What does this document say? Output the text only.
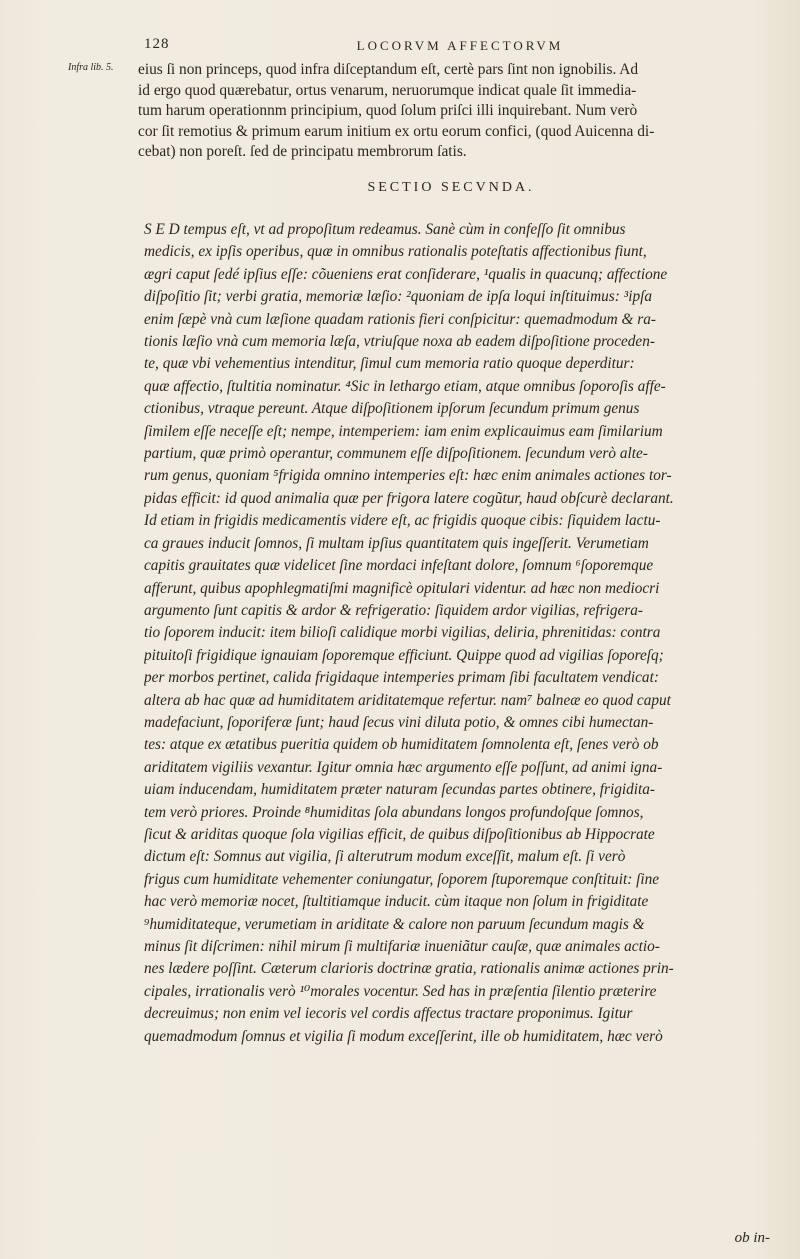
128	LOCORVM AFFECTORVM
Infra lib. 5. eius ſi non princeps, quod infra diſceptandum eſt, certè pars ſint non ignobilis. Ad
id ergo quod quærebatur, ortus venarum, neruorumque indicat quale ſit immedia-
tum harum operationnm principium, quod ſolum priſci illi inquirebant. Num verò
cor ſit remotius & primum earum initium ex ortu eorum confici, (quod Auicenna di-
cebat) non poreſt. ſed de principatu membrorum ſatis.
SECTIO SECVNDA.
S E D tempus eſt, vt ad propoſitum redeamus. Sanè cùm in confeſſo ſit omnibus
medicis, ex ipſis operibus, quæ in omnibus rationalis poteſtatis affectionibus fiunt,
ægri caput ſedé ipſius eſſe: cõueniens erat conſiderare, ¹qualis in quacunq; affectione
diſpoſitio ſit; verbi gratia, memoriæ læſio: ²quoniam de ipſa loqui inſtituimus: ³ipſa
enim ſæpè vnà cum læſione quadam rationis fieri conſpicitur: quemadmodum & ra-
tionis læſio vnà cum memoria læſa, vtriuſque noxa ab eadem diſpoſitione proceden-
te, quæ vbi vehementius intenditur, ſimul cum memoria ratio quoque deperditur:
quæ affectio, ſtultitia nominatur. ⁴Sic in lethargo etiam, atque omnibus ſoporoſis affe-
ctionibus, vtraque pereunt. Atque diſpoſitionem ipſorum ſecundum primum genus
ſimilem eſſe neceſſe eſt; nempe, intemperiem: iam enim explicauimus eam ſimilarium
partium, quæ primò operantur, communem eſſe diſpoſitionem. ſecundum verò alte-
rum genus, quoniam ⁵frigida omnino intemperies eſt: hæc enim animales actiones tor-
pidas efficit: id quod animalia quæ per frigora latere cogũtur, haud obſcurè declarant.
Id etiam in frigidis medicamentis videre eſt, ac frigidis quoque cibis: ſiquidem lactu-
ca graues inducit ſomnos, ſi multam ipſius quantitatem quis ingeſſerit. Verumetiam
capitis grauitates quæ videlicet ſine mordaci infeſtant dolore, ſomnum ⁶ſoporemque
afferunt, quibus apophlegmatiſmi magnificè opitulari videntur. ad hæc non mediocri
argumento ſunt capitis & ardor & refrigeratio: ſiquidem ardor vigilias, refrigera-
tio ſoporem inducit: item bilioſi calidique morbi vigilias, deliria, phrenitidas: contra
pituitoſi frigidique ignauiam ſoporemque efficiunt. Quippe quod ad vigilias ſoporeſq;
per morbos pertinet, calida frigidaque intemperies primam ſibi facultatem vendicat:
altera ab hac quæ ad humiditatem ariditatemque refertur. nam⁷ balneæ eo quod caput
madefaciunt, ſoporiferæ ſunt; haud ſecus vini diluta potio, & omnes cibi humectan-
tes: atque ex ætatibus pueritia quidem ob humiditatem ſomnolenta eſt, ſenes verò ob
ariditatem vigiliis vexantur. Igitur omnia hæc argumento eſſe poſſunt, ad animi igna-
uiam inducendam, humiditatem præter naturam ſecundas partes obtinere, frigidita-
tem verò priores. Proinde ⁸humiditas ſola abundans longos profundoſque ſomnos,
ſicut & ariditas quoque ſola vigilias efficit, de quibus diſpoſitionibus ab Hippocrate
dictum eſt: Somnus aut vigilia, ſi alterutrum modum exceſſit, malum eſt. ſi verò
frigus cum humiditate vehementer coniungatur, ſoporem ſtuporemque conſtituit: ſine
hac verò memoriæ nocet, ſtultitiamque inducit. cùm itaque non ſolum in frigiditate
⁹humiditateque, verumetiam in ariditate & calore non paruum ſecundum magis &
minus ſit diſcrimen: nihil mirum ſi multifariæ inueniãtur cauſæ, quæ animales actio-
nes lædere poſſint. Cæterum clarioris doctrinæ gratia, rationalis animæ actiones prin-
cipales, irrationalis verò ¹⁰morales vocentur. Sed has in præſentia ſilentio præterire
decreuimus; non enim vel iecoris vel cordis affectus tractare proponimus. Igitur
quemadmodum ſomnus et vigilia ſi modum exceſſerint, ille ob humiditatem, hæc verò
ob in-
